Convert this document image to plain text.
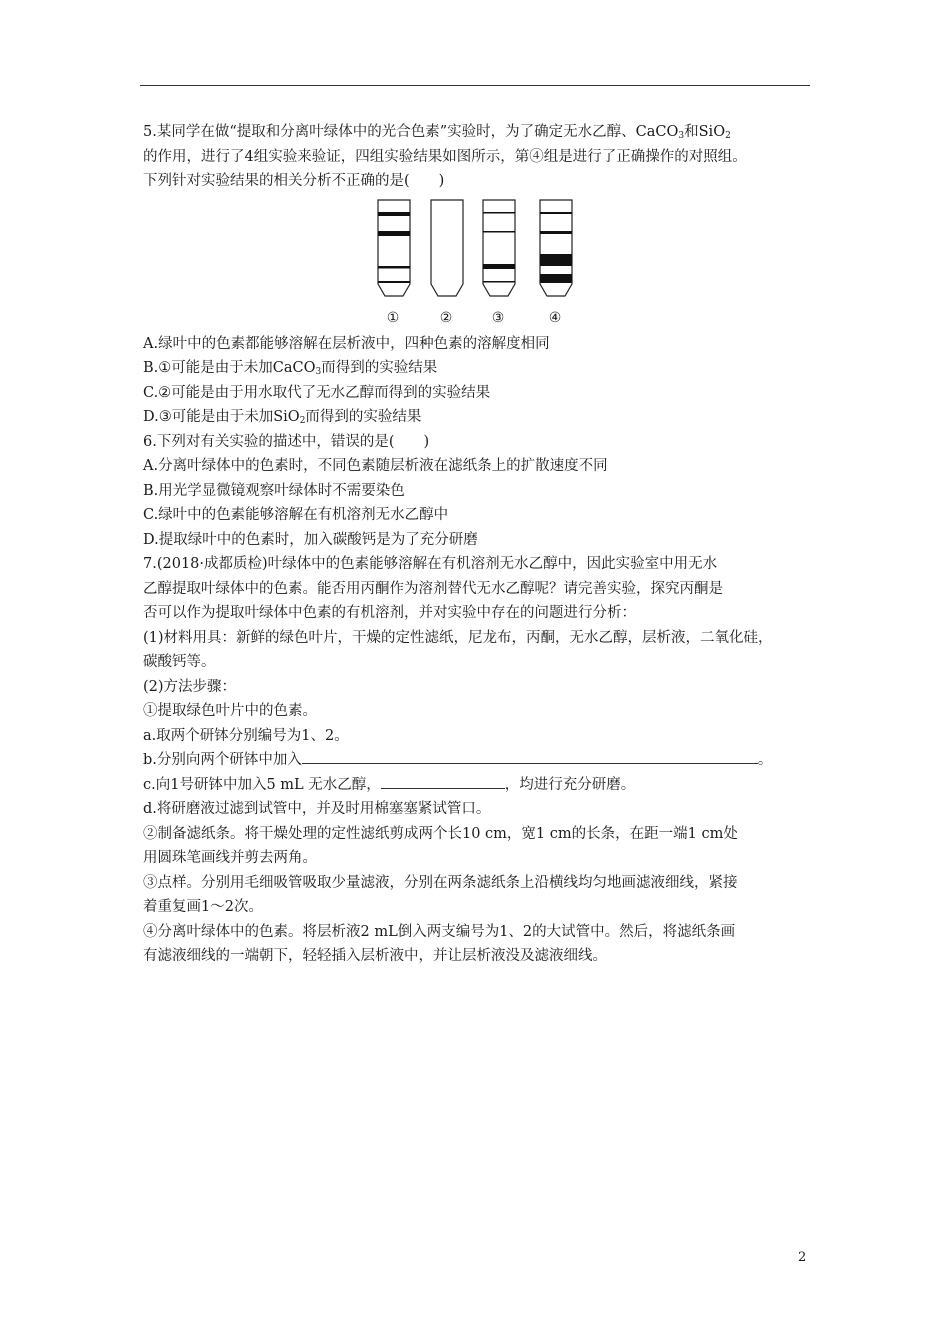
5.某同学在做“提取和分离叶绿体中的光合色素”实验时，为了确定无水乙醇、CaCO$_3$和SiO$_2$
的作用，进行了4组实验来验证，四组实验结果如图所示，第④组是进行了正确操作的对照组。
下列针对实验结果的相关分析不正确的是(　　)
①	②	③	④
A.绿叶中的色素都能够溶解在层析液中，四种色素的溶解度相同
B.①可能是由于未加CaCO$_3$而得到的实验结果
C.②可能是由于用水取代了无水乙醇而得到的实验结果
D.③可能是由于未加SiO$_2$而得到的实验结果
6.下列对有关实验的描述中，错误的是(　　)
A.分离叶绿体中的色素时，不同色素随层析液在滤纸条上的扩散速度不同
B.用光学显微镜观察叶绿体时不需要染色
C.绿叶中的色素能够溶解在有机溶剂无水乙醇中
D.提取绿叶中的色素时，加入碳酸钙是为了充分研磨
7.(2018·成都质检)叶绿体中的色素能够溶解在有机溶剂无水乙醇中，因此实验室中用无水
乙醇提取叶绿体中的色素。能否用丙酮作为溶剂替代无水乙醇呢？请完善实验，探究丙酮是
否可以作为提取叶绿体中色素的有机溶剂，并对实验中存在的问题进行分析：
(1)材料用具：新鲜的绿色叶片，干燥的定性滤纸，尼龙布，丙酮，无水乙醇，层析液，二氧化硅，
碳酸钙等。
(2)方法步骤：
①提取绿色叶片中的色素。
a.取两个研钵分别编号为1、2。
b.分别向两个研钵中加入	。
c.向1号研钵中加入5 mL 无水乙醇，	，均进行充分研磨。
d.将研磨液过滤到试管中，并及时用棉塞塞紧试管口。
②制备滤纸条。将干燥处理的定性滤纸剪成两个长10 cm，宽1 cm的长条，在距一端1 cm处
用圆珠笔画线并剪去两角。
③点样。分别用毛细吸管吸取少量滤液，分别在两条滤纸条上沿横线均匀地画滤液细线，紧接
着重复画1～2次。
④分离叶绿体中的色素。将层析液2 mL倒入两支编号为1、2的大试管中。然后，将滤纸条画
有滤液细线的一端朝下，轻轻插入层析液中，并让层析液没及滤液细线。
2
